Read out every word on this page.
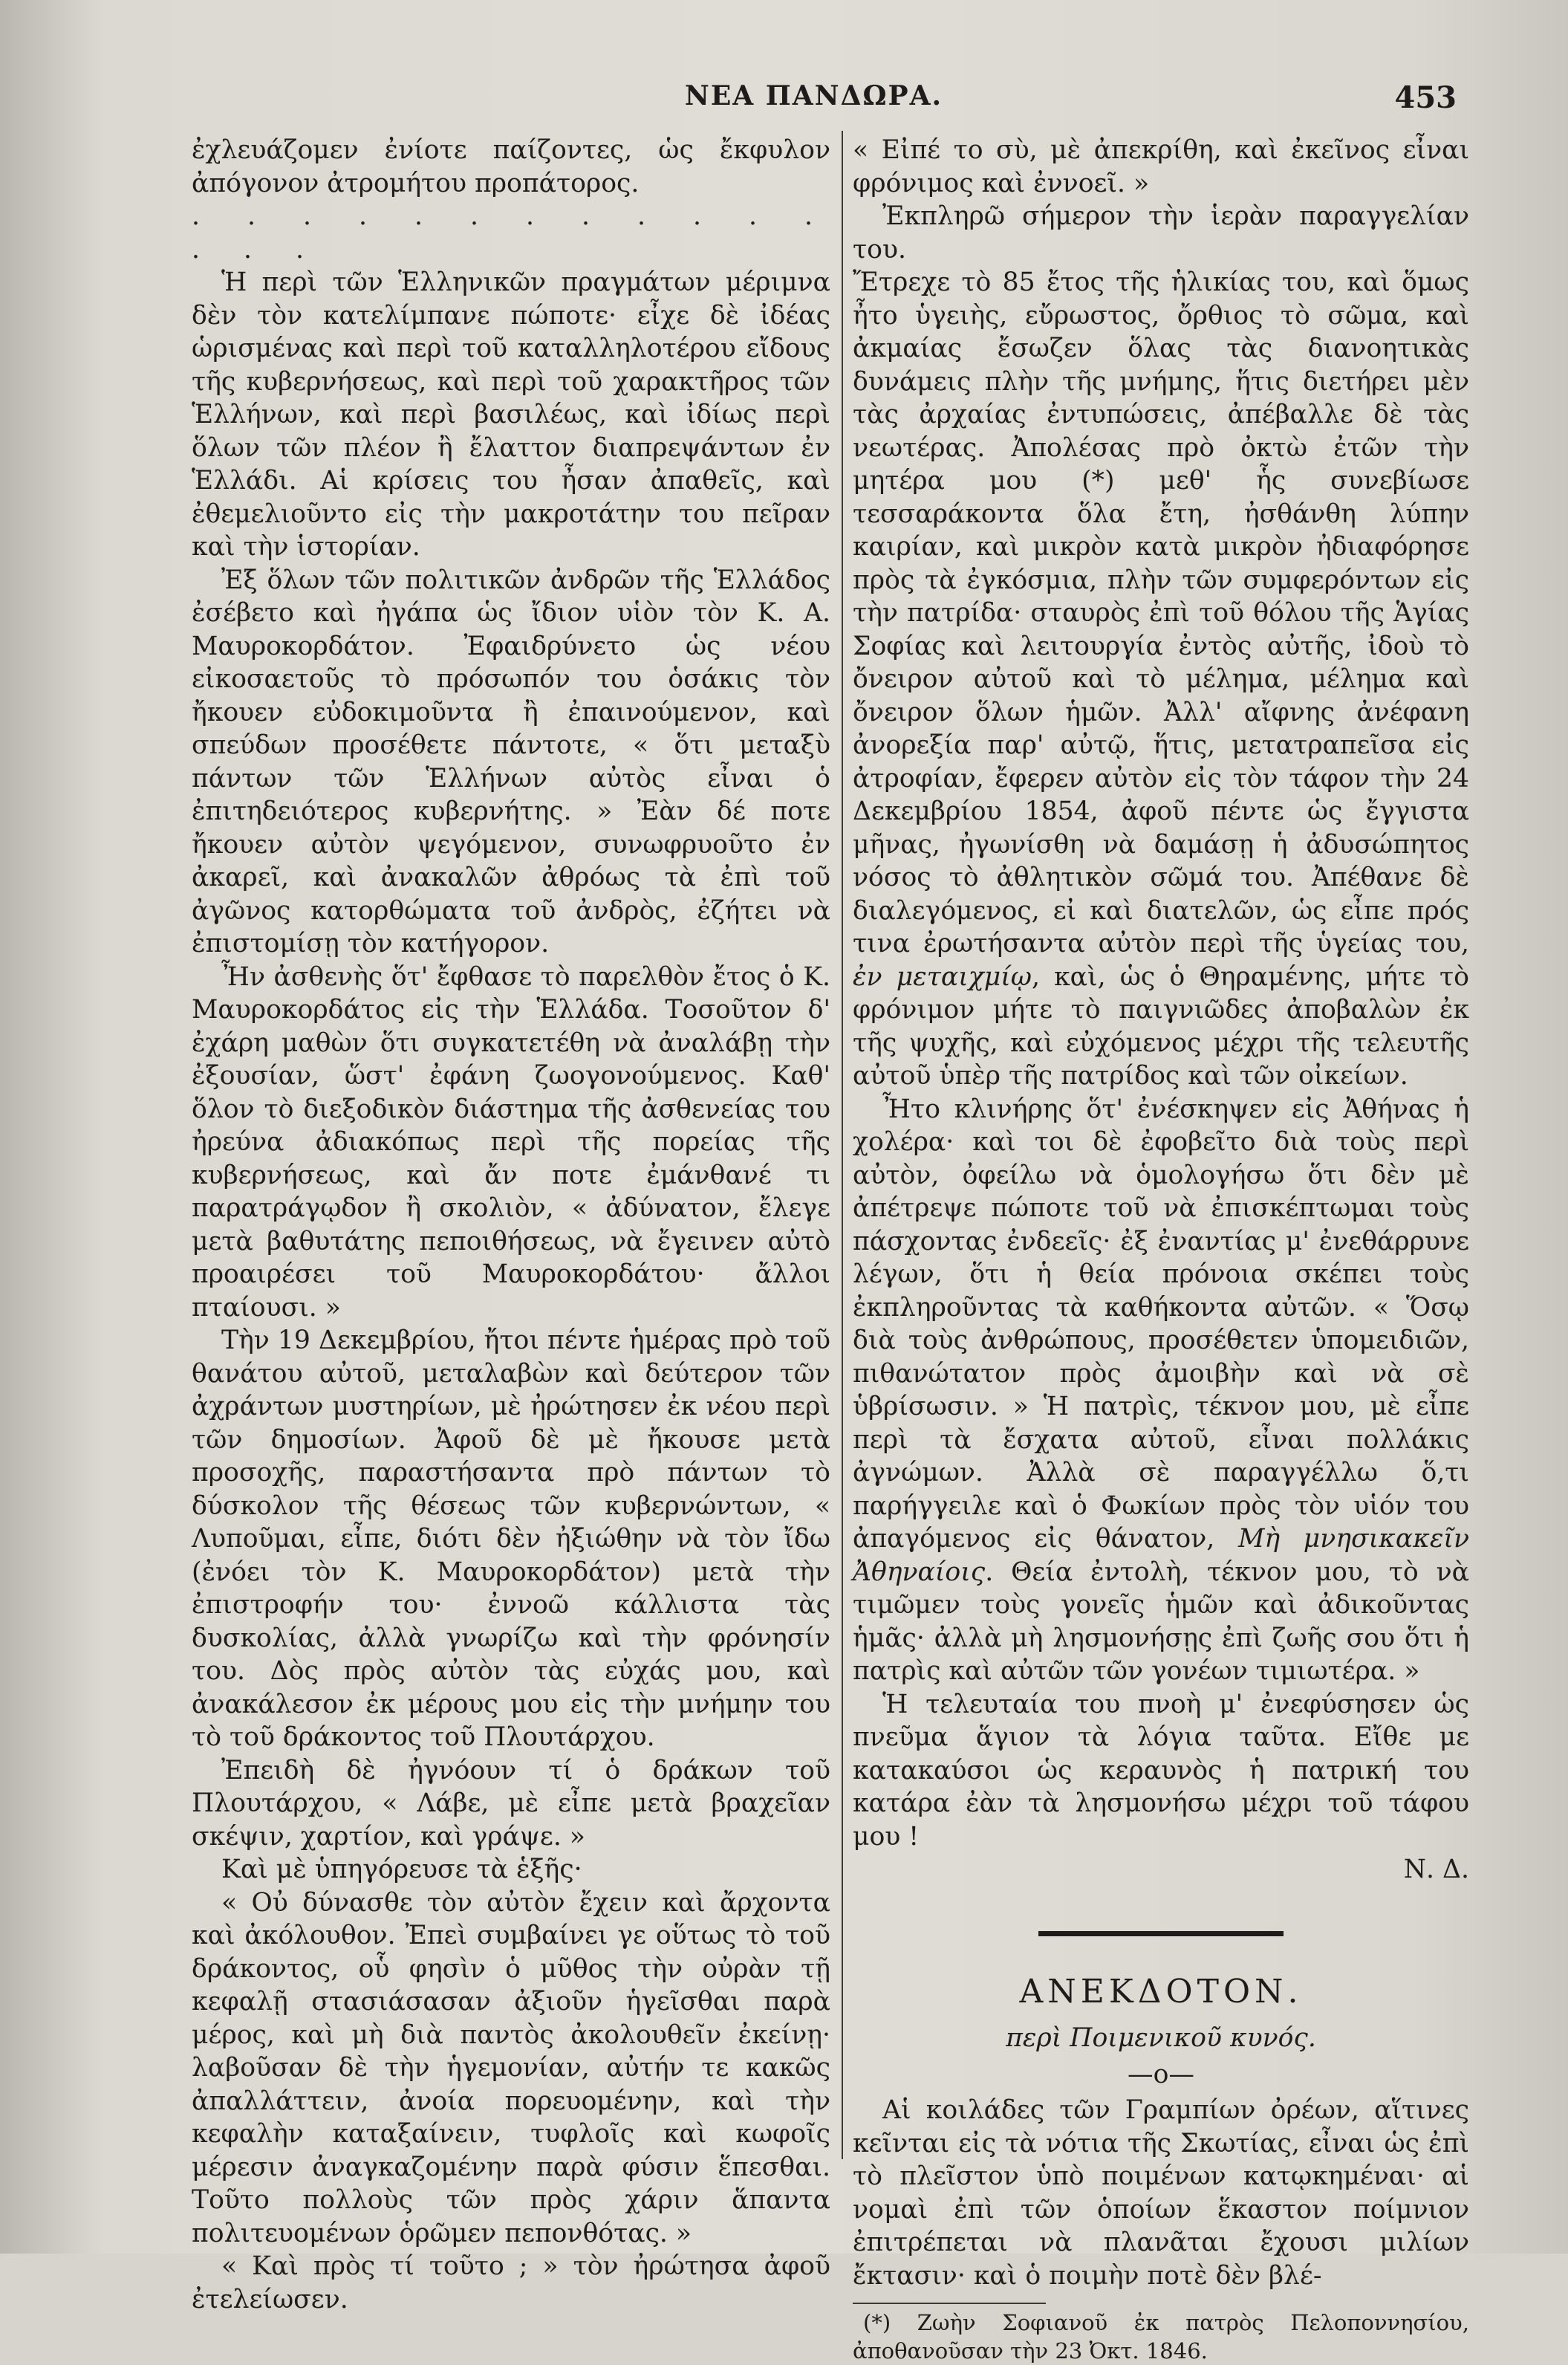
ΝΕΑ ΠΑΝΔΩΡΑ.	453

ἐχλευάζομεν ἐνίοτε παίζοντες, ὡς ἔκφυλον ἀπόγονον ἀτρομήτου προπάτορος.

. . . . . . . . . . . . . . .

Ἡ περὶ τῶν Ἑλληνικῶν πραγμάτων μέριμνα δὲν τὸν κατελίμπανε πώποτε· εἶχε δὲ ἰδέας ὡρισμένας καὶ περὶ τοῦ καταλληλοτέρου εἴδους τῆς κυβερνήσεως, καὶ περὶ τοῦ χαρακτῆρος τῶν Ἑλλήνων, καὶ περὶ βασιλέως, καὶ ἰδίως περὶ ὅλων τῶν πλέον ἢ ἔλαττον διαπρεψάντων ἐν Ἑλλάδι. Αἱ κρίσεις του ἦσαν ἀπαθεῖς, καὶ ἐθεμελιοῦντο εἰς τὴν μακροτάτην του πεῖραν καὶ τὴν ἱστορίαν.

Ἐξ ὅλων τῶν πολιτικῶν ἀνδρῶν τῆς Ἑλλάδος ἐσέβετο καὶ ἠγάπα ὡς ἴδιον υἱὸν τὸν Κ. Α. Μαυροκορδάτον. Ἐφαιδρύνετο ὡς νέου εἰκοσαετοῦς τὸ πρόσωπόν του ὁσάκις τὸν ἤκουεν εὐδοκιμοῦντα ἢ ἐπαινούμενον, καὶ σπεύδων προσέθετε πάντοτε, « ὅτι μεταξὺ πάντων τῶν Ἑλλήνων αὐτὸς εἶναι ὁ ἐπιτηδειότερος κυβερνήτης. » Ἐὰν δέ ποτε ἤκουεν αὐτὸν ψεγόμενον, συνωφρυοῦτο ἐν ἀκαρεῖ, καὶ ἀνακαλῶν ἀθρόως τὰ ἐπὶ τοῦ ἀγῶνος κατορθώματα τοῦ ἀνδρὸς, ἐζήτει νὰ ἐπιστομίσῃ τὸν κατήγορον.

Ἦν ἀσθενὴς ὅτ' ἔφθασε τὸ παρελθὸν ἔτος ὁ Κ. Μαυροκορδάτος εἰς τὴν Ἑλλάδα. Τοσοῦτον δ' ἐχάρη μαθὼν ὅτι συγκατετέθη νὰ ἀναλάβῃ τὴν ἐξουσίαν, ὥστ' ἐφάνη ζωογονούμενος. Καθ' ὅλον τὸ διεξοδικὸν διάστημα τῆς ἀσθενείας του ἠρεύνα ἀδιακόπως περὶ τῆς πορείας τῆς κυβερνήσεως, καὶ ἄν ποτε ἐμάνθανέ τι παρατράγῳδον ἢ σκολιὸν, « ἀδύνατον, ἔλεγε μετὰ βαθυτάτης πεποιθήσεως, νὰ ἔγεινεν αὐτὸ προαιρέσει τοῦ Μαυροκορδάτου· ἄλλοι πταίουσι. »

Τὴν 19 Δεκεμβρίου, ἤτοι πέντε ἡμέρας πρὸ τοῦ θανάτου αὐτοῦ, μεταλαβὼν καὶ δεύτερον τῶν ἀχράντων μυστηρίων, μὲ ἠρώτησεν ἐκ νέου περὶ τῶν δημοσίων. Ἀφοῦ δὲ μὲ ἤκουσε μετὰ προσοχῆς, παραστήσαντα πρὸ πάντων τὸ δύσκολον τῆς θέσεως τῶν κυβερνώντων, « Λυποῦμαι, εἶπε, διότι δὲν ἠξιώθην νὰ τὸν ἴδω (ἐνόει τὸν Κ. Μαυροκορδάτον) μετὰ τὴν ἐπιστροφήν του· ἐννοῶ κάλλιστα τὰς δυσκολίας, ἀλλὰ γνωρίζω καὶ τὴν φρόνησίν του. Δὸς πρὸς αὐτὸν τὰς εὐχάς μου, καὶ ἀνακάλεσον ἐκ μέρους μου εἰς τὴν μνήμην του τὸ τοῦ δράκοντος τοῦ Πλουτάρχου.

Ἐπειδὴ δὲ ἠγνόουν τί ὁ δράκων τοῦ Πλουτάρχου, « Λάβε, μὲ εἶπε μετὰ βραχεῖαν σκέψιν, χαρτίον, καὶ γράψε. »

Καὶ μὲ ὑπηγόρευσε τὰ ἑξῆς·

« Οὐ δύνασθε τὸν αὐτὸν ἔχειν καὶ ἄρχοντα καὶ ἀκόλουθον. Ἐπεὶ συμβαίνει γε οὕτως τὸ τοῦ δράκοντος, οὗ φησὶν ὁ μῦθος τὴν οὐρὰν τῇ κεφαλῇ στασιάσασαν ἀξιοῦν ἡγεῖσθαι παρὰ μέρος, καὶ μὴ διὰ παντὸς ἀκολουθεῖν ἐκείνῃ· λαβοῦσαν δὲ τὴν ἡγεμονίαν, αὐτήν τε κακῶς ἀπαλλάττειν, ἀνοία πορευομένην, καὶ τὴν κεφαλὴν καταξαίνειν, τυφλοῖς καὶ κωφοῖς μέρεσιν ἀναγκαζομένην παρὰ φύσιν ἕπεσθαι. Τοῦτο πολλοὺς τῶν πρὸς χάριν ἅπαντα πολιτευομένων ὁρῶμεν πεπονθότας. »

« Καὶ πρὸς τί τοῦτο ; » τὸν ἠρώτησα ἀφοῦ ἐτελείωσεν.

« Εἰπέ το σὺ, μὲ ἀπεκρίθη, καὶ ἐκεῖνος εἶναι φρόνιμος καὶ ἐννοεῖ. »

Ἐκπληρῶ σήμερον τὴν ἱερὰν παραγγελίαν του.

Ἔτρεχε τὸ 85 ἔτος τῆς ἡλικίας του, καὶ ὅμως ἦτο ὑγειὴς, εὔρωστος, ὄρθιος τὸ σῶμα, καὶ ἀκμαίας ἔσωζεν ὅλας τὰς διανοητικὰς δυνάμεις πλὴν τῆς μνήμης, ἥτις διετήρει μὲν τὰς ἀρχαίας ἐντυπώσεις, ἀπέβαλλε δὲ τὰς νεωτέρας. Ἀπολέσας πρὸ ὀκτὼ ἐτῶν τὴν μητέρα μου (*) μεθ' ἧς συνεβίωσε τεσσαράκοντα ὅλα ἔτη, ἠσθάνθη λύπην καιρίαν, καὶ μικρὸν κατὰ μικρὸν ἠδιαφόρησε πρὸς τὰ ἐγκόσμια, πλὴν τῶν συμφερόντων εἰς τὴν πατρίδα· σταυρὸς ἐπὶ τοῦ θόλου τῆς Ἁγίας Σοφίας καὶ λειτουργία ἐντὸς αὐτῆς, ἰδοὺ τὸ ὄνειρον αὐτοῦ καὶ τὸ μέλημα, μέλημα καὶ ὄνειρον ὅλων ἡμῶν. Ἀλλ' αἴφνης ἀνέφανη ἀνορεξία παρ' αὐτῷ, ἥτις, μετατραπεῖσα εἰς ἀτροφίαν, ἔφερεν αὐτὸν εἰς τὸν τάφον τὴν 24 Δεκεμβρίου 1854, ἀφοῦ πέντε ὡς ἔγγιστα μῆνας, ἠγωνίσθη νὰ δαμάσῃ ἡ ἀδυσώπητος νόσος τὸ ἀθλητικὸν σῶμά του. Ἀπέθανε δὲ διαλεγόμενος, εἰ καὶ διατελῶν, ὡς εἶπε πρός τινα ἐρωτήσαντα αὐτὸν περὶ τῆς ὑγείας του, ἐν μεταιχμίῳ, καὶ, ὡς ὁ Θηραμένης, μήτε τὸ φρόνιμον μήτε τὸ παιγνιῶδες ἀποβαλὼν ἐκ τῆς ψυχῆς, καὶ εὐχόμενος μέχρι τῆς τελευτῆς αὐτοῦ ὑπὲρ τῆς πατρίδος καὶ τῶν οἰκείων.

Ἦτο κλινήρης ὅτ' ἐνέσκηψεν εἰς Ἀθήνας ἡ χολέρα· καὶ τοι δὲ ἐφοβεῖτο διὰ τοὺς περὶ αὐτὸν, ὀφείλω νὰ ὁμολογήσω ὅτι δὲν μὲ ἀπέτρεψε πώποτε τοῦ νὰ ἐπισκέπτωμαι τοὺς πάσχοντας ἐνδεεῖς· ἐξ ἐναντίας μ' ἐνεθάρρυνε λέγων, ὅτι ἡ θεία πρόνοια σκέπει τοὺς ἐκπληροῦντας τὰ καθήκοντα αὐτῶν. « Ὅσῳ διὰ τοὺς ἀνθρώπους, προσέθετεν ὑπομειδιῶν, πιθανώτατον πρὸς ἀμοιβὴν καὶ νὰ σὲ ὑβρίσωσιν. » Ἡ πατρὶς, τέκνον μου, μὲ εἶπε περὶ τὰ ἔσχατα αὐτοῦ, εἶναι πολλάκις ἀγνώμων. Ἀλλὰ σὲ παραγγέλλω ὅ,τι παρήγγειλε καὶ ὁ Φωκίων πρὸς τὸν υἱόν του ἀπαγόμενος εἰς θάνατον, Μὴ μνησικακεῖν Ἀθηναίοις. Θεία ἐντολὴ, τέκνον μου, τὸ νὰ τιμῶμεν τοὺς γονεῖς ἡμῶν καὶ ἀδικοῦντας ἡμᾶς· ἀλλὰ μὴ λησμονήσῃς ἐπὶ ζωῆς σου ὅτι ἡ πατρὶς καὶ αὐτῶν τῶν γονέων τιμιωτέρα. »

Ἡ τελευταία του πνοὴ μ' ἐνεφύσησεν ὡς πνεῦμα ἅγιον τὰ λόγια ταῦτα. Εἴθε με κατακαύσοι ὡς κεραυνὸς ἡ πατρική του κατάρα ἐὰν τὰ λησμονήσω μέχρι τοῦ τάφου μου !

Ν. Δ.

ΑΝΕΚΔΟΤΟΝ.
περὶ Ποιμενικοῦ κυνός.
—o—

Αἱ κοιλάδες τῶν Γραμπίων ὀρέων, αἵτινες κεῖνται εἰς τὰ νότια τῆς Σκωτίας, εἶναι ὡς ἐπὶ τὸ πλεῖστον ὑπὸ ποιμένων κατῳκημέναι· αἱ νομαὶ ἐπὶ τῶν ὁποίων ἕκαστον ποίμνιον ἐπιτρέπεται νὰ πλανᾶται ἔχουσι μιλίων ἔκτασιν· καὶ ὁ ποιμὴν ποτὲ δὲν βλέ-

(*) Ζωὴν Σοφιανοῦ ἐκ πατρὸς Πελοποννησίου, ἀποθανοῦσαν τὴν 23 Ὀκτ. 1846.
